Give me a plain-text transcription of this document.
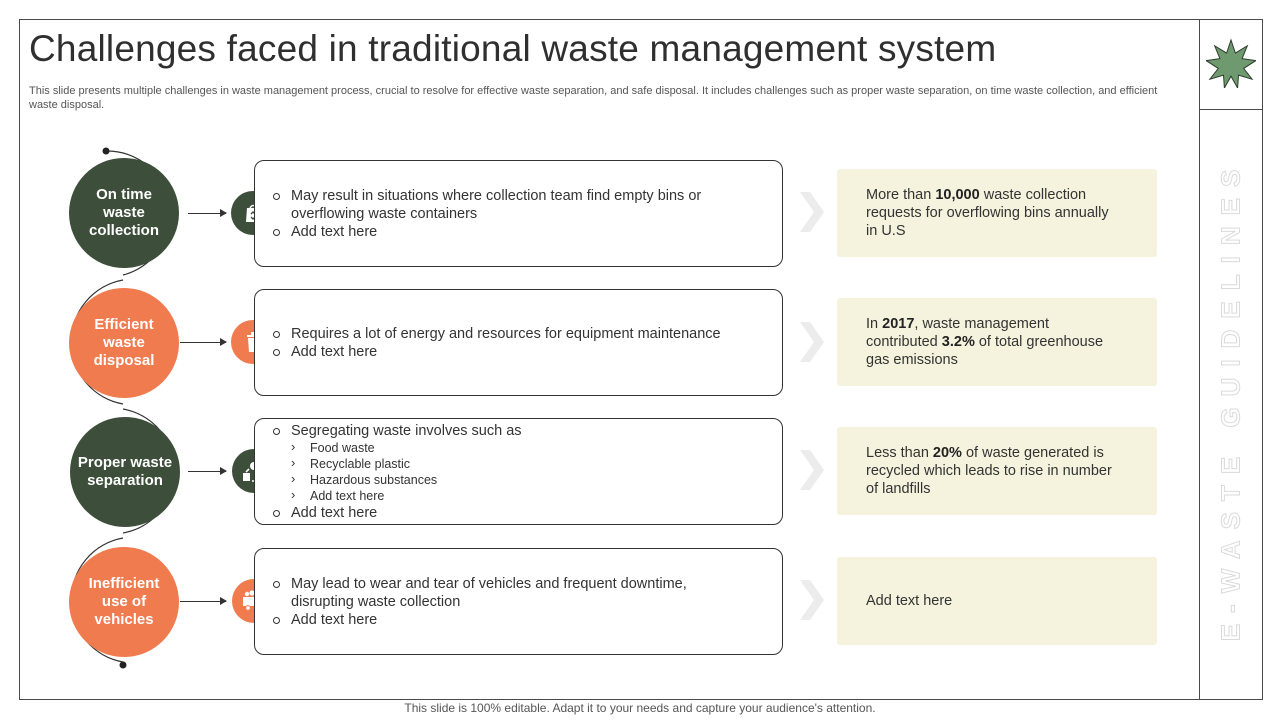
E-WASTE GUIDELINES
Challenges faced in traditional waste management system
This slide presents multiple challenges in waste management process, crucial to resolve for effective waste separation, and safe disposal. It includes challenges such as proper waste separation, on time waste collection, and efficient waste disposal.
On time waste collection
May result in situations where collection team find empty bins or overflowing waste containers
Add text here
More than 10,000 waste collection requests for overflowing bins annually in U.S
Efficient waste disposal
Requires a lot of energy and resources for equipment maintenance
Add text here
In 2017, waste management contributed 3.2% of total greenhouse gas emissions
Proper waste separation
Segregating waste involves such as
› Food waste
› Recyclable plastic
› Hazardous substances
› Add text here
Add text here
Less than 20% of waste generated is recycled which leads to rise in number of landfills
Inefficient use of vehicles
May lead to wear and tear of vehicles and frequent downtime, disrupting waste collection
Add text here
Add text here
This slide is 100% editable. Adapt it to your needs and capture your audience's attention.
